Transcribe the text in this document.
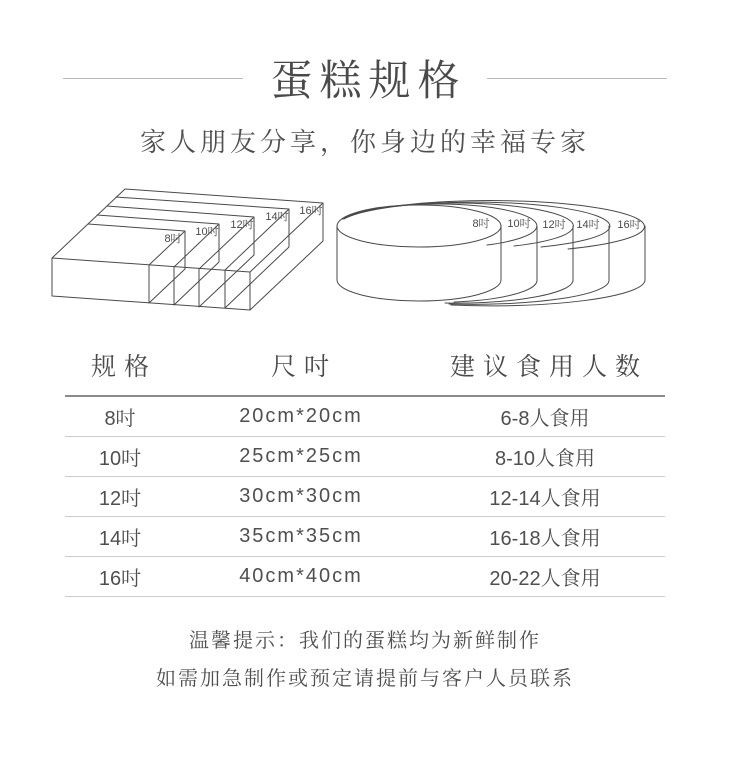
蛋糕规格
家人朋友分享，你身边的幸福专家
8吋
10吋
12吋
14吋 16吋
8吋 10吋 12吋 14吋 16吋
规格	尺吋	建议食用人数
8吋	20cm*20cm	6-8人食用
10吋	25cm*25cm	8-10人食用
12吋	30cm*30cm	12-14人食用
14吋	35cm*35cm	16-18人食用
16吋	40cm*40cm	20-22人食用
温馨提示：我们的蛋糕均为新鲜制作
如需加急制作或预定请提前与客户人员联系
